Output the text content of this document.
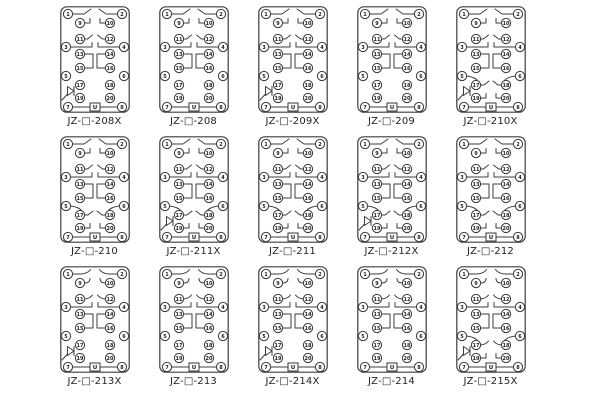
1	2
9	10
11	12
3	4
13	14
15	16
5	6
17	18
19	20
7	8
U
JZ-□-208X
1	2
9	10
11	12
3	4
13	14
15	16
5	6
17	18
19	20
7	8
U
JZ-□-208
1	2
9	10
11	12
3	4
13	14
15	16
5	6
17	18
19	20
7	8
U
JZ-□-209X
1	2
9	10
11	12
3	4
13	14
15	16
5	6
17	18
19	20
7	8
U
JZ-□-209
1	2
9	10
11	12
3	4
13	14
15	16
5	6
17	18
19	20
7	8
U
JZ-□-210X
1	2
9	10
11	12
3	4
13	14
15	16
5	6
17	18
19	20
7	8
U
JZ-□-210
1	2
9	10
11	12
3	4
13	14
15	16
5	6
17	18
19	20
7	8
U
JZ-□-211X
1	2
9	10
11	12
3	4
13	14
15	16
5	6
17	18
19	20
7	8
U
JZ-□-211
1	2
9	10
11	12
3	4
13	14
15	16
5	6
17	18
19	20
7	8
U
JZ-□-212X
1	2
9	10
11	12
3	4
13	14
15	16
5	6
17	18
19	20
7	8
U
JZ-□-212
1	2
9	10
11	12
3	4
13	14
15	16
5	6
17	18
19	20
7	8
U
JZ-□-213X
1	2
9	10
11	12
3	4
13	14
15	16
5	6
17	18
19	20
7	8
U
JZ-□-213
1	2
9	10
11	12
3	4
13	14
15	16
5	6
17	18
19	20
7	8
U
JZ-□-214X
1	2
9	10
11	12
3	4
13	14
15	16
5	6
17	18
19	20
7	8
U
JZ-□-214
1	2
9	10
11	12
3	4
13	14
15	16
5	6
17	18
19	20
7	8
U
JZ-□-215X
